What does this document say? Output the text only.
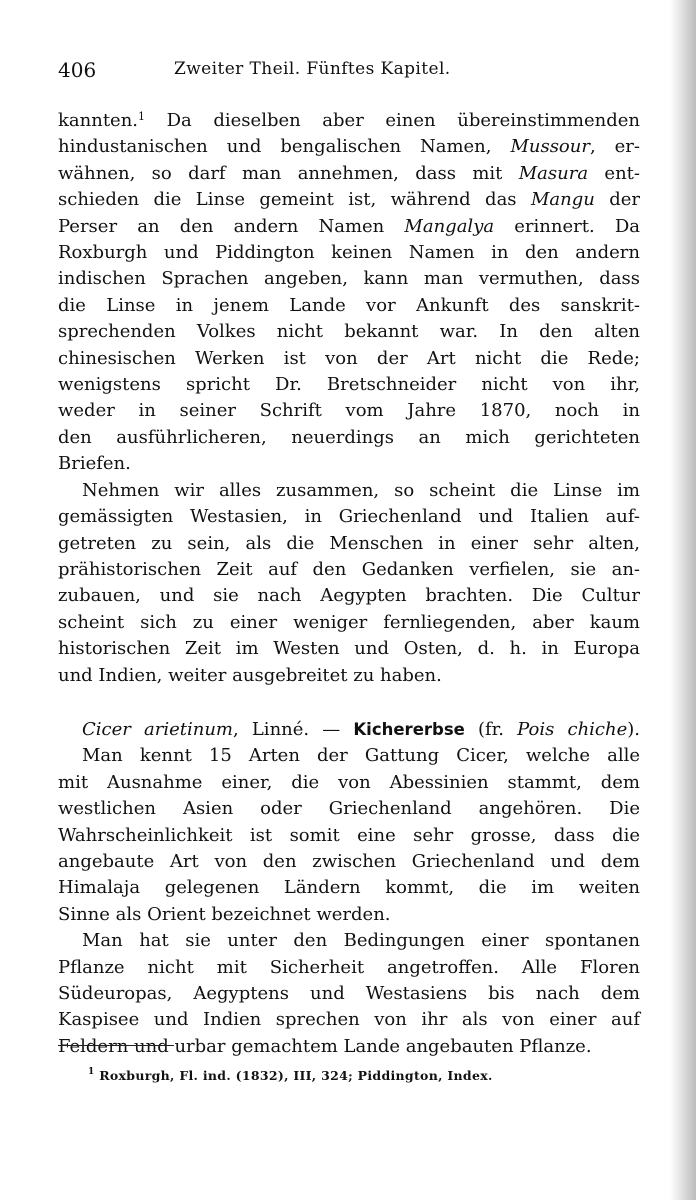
406	Zweiter Theil. Fünftes Kapitel.
kannten.$^1$ Da dieselben aber einen übereinstimmenden
hindustanischen und bengalischen Namen, Mussour, er-
wähnen, so darf man annehmen, dass mit Masura ent-
schieden die Linse gemeint ist, während das Mangu der
Perser an den andern Namen Mangalya erinnert. Da
Roxburgh und Piddington keinen Namen in den andern
indischen Sprachen angeben, kann man vermuthen, dass
die Linse in jenem Lande vor Ankunft des sanskrit-
sprechenden Volkes nicht bekannt war. In den alten
chinesischen Werken ist von der Art nicht die Rede;
wenigstens spricht Dr. Bretschneider nicht von ihr,
weder in seiner Schrift vom Jahre 1870, noch in
den ausführlicheren, neuerdings an mich gerichteten
Briefen.
Nehmen wir alles zusammen, so scheint die Linse im
gemässigten Westasien, in Griechenland und Italien auf-
getreten zu sein, als die Menschen in einer sehr alten,
prähistorischen Zeit auf den Gedanken verfielen, sie an-
zubauen, und sie nach Aegypten brachten. Die Cultur
scheint sich zu einer weniger fernliegenden, aber kaum
historischen Zeit im Westen und Osten, d. h. in Europa
und Indien, weiter ausgebreitet zu haben.
Cicer arietinum, Linné. — Kichererbse (fr. Pois chiche).
Man kennt 15 Arten der Gattung Cicer, welche alle
mit Ausnahme einer, die von Abessinien stammt, dem
westlichen Asien oder Griechenland angehören. Die
Wahrscheinlichkeit ist somit eine sehr grosse, dass die
angebaute Art von den zwischen Griechenland und dem
Himalaja gelegenen Ländern kommt, die im weiten
Sinne als Orient bezeichnet werden.
Man hat sie unter den Bedingungen einer spontanen
Pflanze nicht mit Sicherheit angetroffen. Alle Floren
Südeuropas, Aegyptens und Westasiens bis nach dem
Kaspisee und Indien sprechen von ihr als von einer auf
Feldern und urbar gemachtem Lande angebauten Pflanze.
$^1$ Roxburgh, Fl. ind. (1832), III, 324; Piddington, Index.
